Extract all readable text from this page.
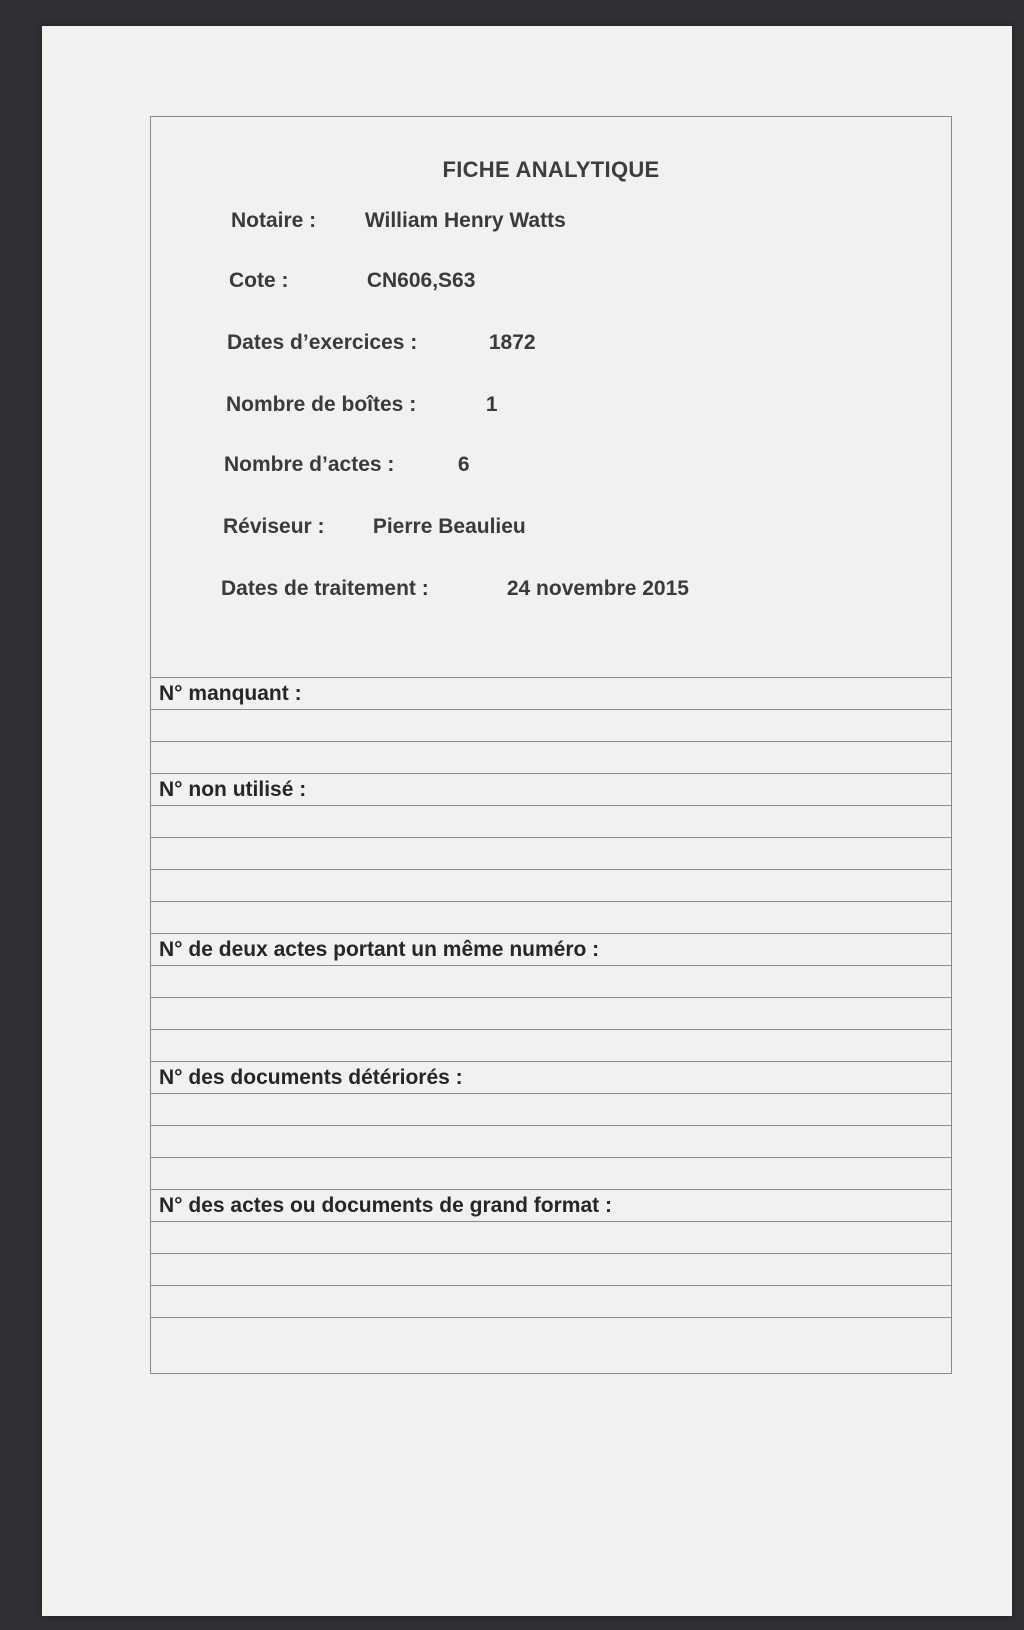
FICHE ANALYTIQUE
Notaire : William Henry Watts
Cote :	CN606,S63
Dates d’exercices :	1872
Nombre de boîtes :	1
Nombre d’actes :	6
Réviseur : Pierre Beaulieu
Dates de traitement :	24 novembre 2015
N° manquant :
N° non utilisé :
N° de deux actes portant un même numéro :
N° des documents détériorés :
N° des actes ou documents de grand format :
